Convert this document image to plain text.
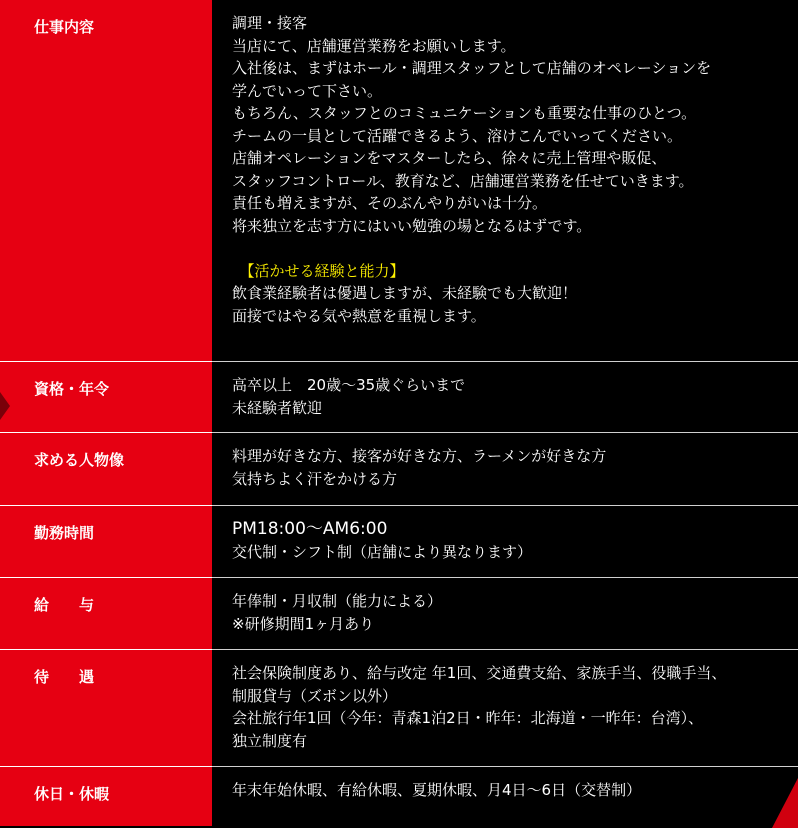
仕事内容	調理・接客

当店にて、店舗運営業務をお願いします。

入社後は、まずはホール・調理スタッフとして店舗のオペレーションを

学んでいって下さい。

もちろん、スタッフとのコミュニケーションも重要な仕事のひとつ。

チームの一員として活躍できるよう、溶けこんでいってください。

店舗オペレーションをマスターしたら、徐々に売上管理や販促、

スタッフコントロール、教育など、店舗運営業務を任せていきます。

責任も増えますが、そのぶんやりがいは十分。

将来独立を志す方にはいい勉強の場となるはずです。

　【活かせる経験と能力】

飲食業経験者は優遇しますが、未経験でも大歓迎！

面接ではやる気や熱意を重視します。

資格・年令	高卒以上　20歳〜35歳ぐらいまで

未経験者歓迎

求める人物像	料理が好きな方、接客が好きな方、ラーメンが好きな方

気持ちよく汗をかける方

勤務時間	PM18:00〜AM6:00

交代制・シフト制（店舗により異なります）

給　　与	年俸制・月収制（能力による）

※研修期間1ヶ月あり

待　　遇	社会保険制度あり、給与改定 年1回、交通費支給、家族手当、役職手当、

制服貸与（ズボン以外）

会社旅行年1回（今年：青森1泊2日・昨年：北海道・一昨年：台湾）、

独立制度有

休日・休暇	年末年始休暇、有給休暇、夏期休暇、月4日〜6日（交替制）
